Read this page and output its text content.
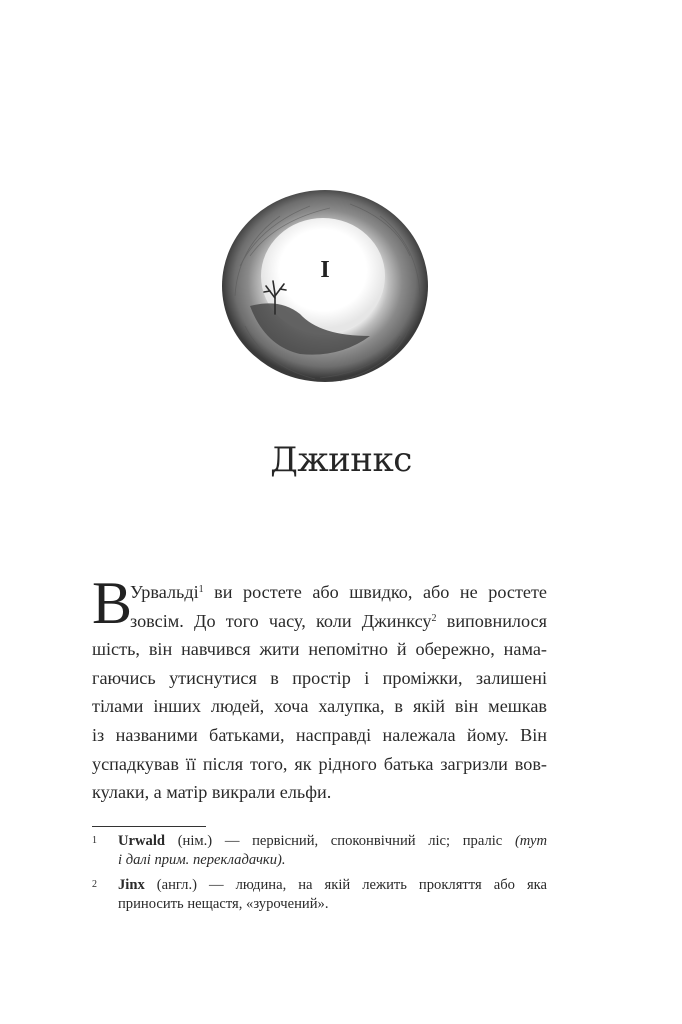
I
Джинкс
В
Урвальді$^1$ ви ростете або швидко, або не ростете
зовсім. До того часу, коли Джинксу$^2$ виповнилося
шість, він навчився жити непомітно й обережно, нама-
гаючись утиснутися в простір і проміжки, залишені
тілами інших людей, хоча халупка, в якій він мешкав
із названими батьками, насправді належала йому. Він
успадкував її після того, як рідного батька загризли вов-
кулаки, а матір викрали ельфи.
1 Urwald (нім.) — первісний, споконвічний ліс; праліс (тут
і далі прим. перекладачки).
2 Jinx (англ.) — людина, на якій лежить прокляття або яка
приносить нещастя, «зурочений».
